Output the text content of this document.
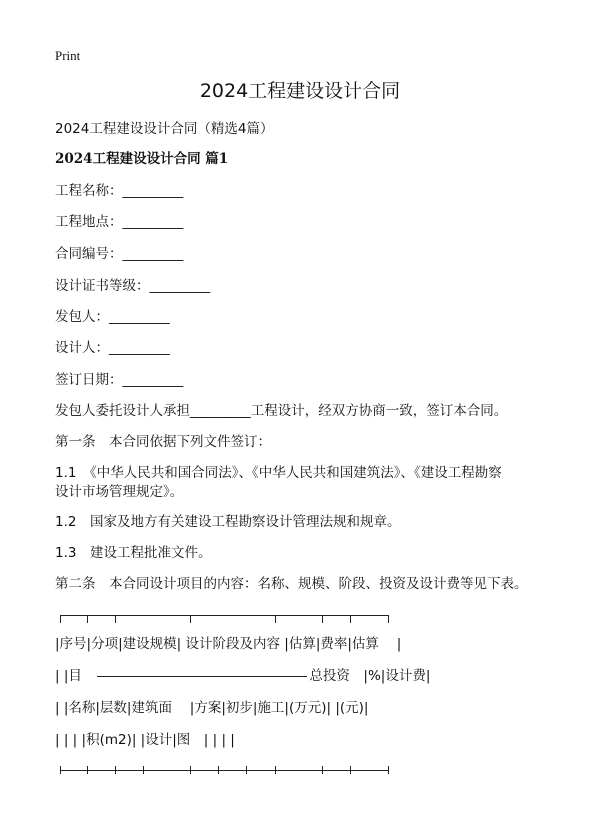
Print
2024工程建设设计合同
2024工程建设设计合同（精选4篇）
2024工程建设设计合同 篇1
工程名称：_________
工程地点：_________
合同编号：_________
设计证书等级：_________
发包人：_________
设计人：_________
签订日期：_________
发包人委托设计人承担_________工程设计，经双方协商一致，签订本合同。
第一条　本合同依据下列文件签订：
1.1　《中华人民共和国合同法》、《中华人民共和国建筑法》、《建设工程勘察
设计市场管理规定》。
1.2　国家及地方有关建设工程勘察设计管理法规和规章。
1.3　建设工程批准文件。
第二条　本合同设计项目的内容：名称、规模、阶段、投资及设计费等见下表。
|序号|分项|建设规模| 设计阶段及内容 |估算|费率|估算　 |
| |目　	总投资　|%|设计费|
| |名称|层数|建筑面　 |方案|初步|施工|(万元)| |(元)|
| | | |积(m2)| |设计|图　| | | |
